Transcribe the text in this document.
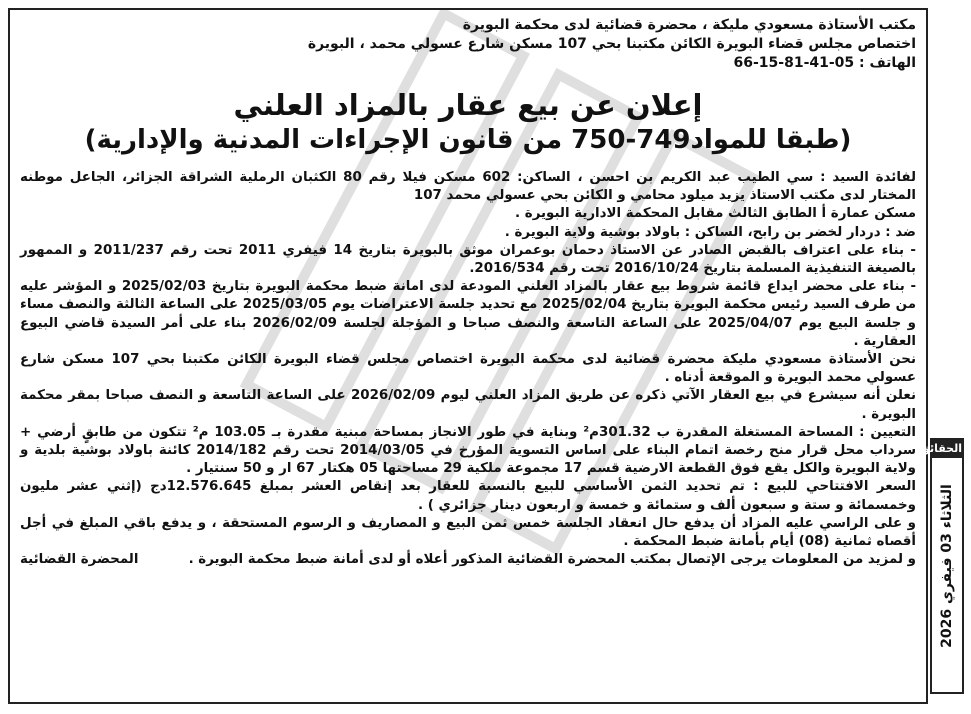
مكتب الأستاذة مسعودي مليكة ، محضرة قضائية لدى محكمة البويرة

اختصاص مجلس قضاء البويرة الكائن مكتبنا بحي 107 مسكن شارع عسولي محمد ، البويرة

الهاتف : 66-15-81-41-05

إعلان عن بيع عقار بالمزاد العلني
(طبقا للمواد749-750 من قانون الإجراءات المدنية والإدارية)

لفائدة السيد : سي الطيب عبد الكريم بن احسن ، الساكن: 602 مسكن فيلا رقم 80 الكثبان الرملية الشراقة الجزائر، الجاعل موطنه المختار لدى مكتب الاستاذ يزيد ميلود محامي و الكائن بحي عسولي محمد 107

مسكن عمارة أ الطابق الثالث مقابل المحكمة الادارية البويرة .

ضد : دردار لخضر بن رابح، الساكن : باولاد بوشية ولاية البويرة .

- بناء على اعتراف بالقبض الصادر عن الاستاذ دحمان بوعمران موثق بالبويرة بتاريخ 14 فيفري 2011 تحت رقم 2011/237 و الممهور بالصيغة التنفيذية المسلمة بتاريخ 2016/10/24 تحت رقم 2016/534.

- بناء على محضر ايداع قائمة شروط بيع عقار بالمزاد العلني المودعة لدى امانة ضبط محكمة البويرة بتاريخ 2025/02/03 و المؤشر عليه من طرف السيد رئيس محكمة البويرة بتاريخ 2025/02/04 مع تحديد جلسة الاعتراضات يوم 2025/03/05 على الساعة الثالثة والنصف مساء و جلسة البيع يوم 2025/04/07 على الساعة التاسعة والنصف صباحا و المؤجلة لجلسة 2026/02/09 بناء على أمر السيدة قاضي البيوع العقارية .

نحن الأستاذة مسعودي مليكة محضرة قضائية لدى محكمة البويرة اختصاص مجلس قضاء البويرة الكائن مكتبنا بحي 107 مسكن شارع عسولي محمد البويرة و الموقعة أدناه .

نعلن أنه سيشرع في بيع العقار الآتي ذكره عن طريق المزاد العلني ليوم 2026/02/09 على الساعة التاسعة و النصف صباحا بمقر محكمة البويرة .

التعيين : المساحة المستغلة المقدرة ب 301.32م² وبناية في طور الانجاز بمساحة مبنية مقدرة بـ 103.05 م² تتكون من طابقٍ أرضي + سرداب محل قرار منح رخصة اتمام البناء على اساس التسوية المؤرخ في 2014/03/05 تحت رقم 2014/182 كائنة باولاد بوشية بلدية و ولاية البويرة والكل يقع فوق القطعة الارضية قسم 17 مجموعة ملكية 29 مساحتها 05 هكتار 67 ار و 50 سنتيار .

السعر الافتتاحي للبيع : تم تحديد الثمن الأساسي للبيع بالنسبة للعقار بعد إنقاص العشر بمبلغ 12.576.645دج (إثني عشر مليون وخمسمائة و ستة و سبعون ألف و ستمائة و خمسة و اربعون دينار جزائري ) .

و على الراسي عليه المزاد أن يدفع حال انعقاد الجلسة خمس ثمن البيع و المصاريف و الرسوم المستحقة ، و يدفع باقي المبلغ في أجل أقصاه ثمانية (08) أيام بأمانة ضبط المحكمة .

و لمزيد من المعلومات يرجى الإتصال بمكتب المحضرة القضائية المذكور أعلاه أو لدى أمانة ضبط محكمة البويرة .
المحضرة القضائية
الثلاثاء 03 فيفري 2026
الحقائق
